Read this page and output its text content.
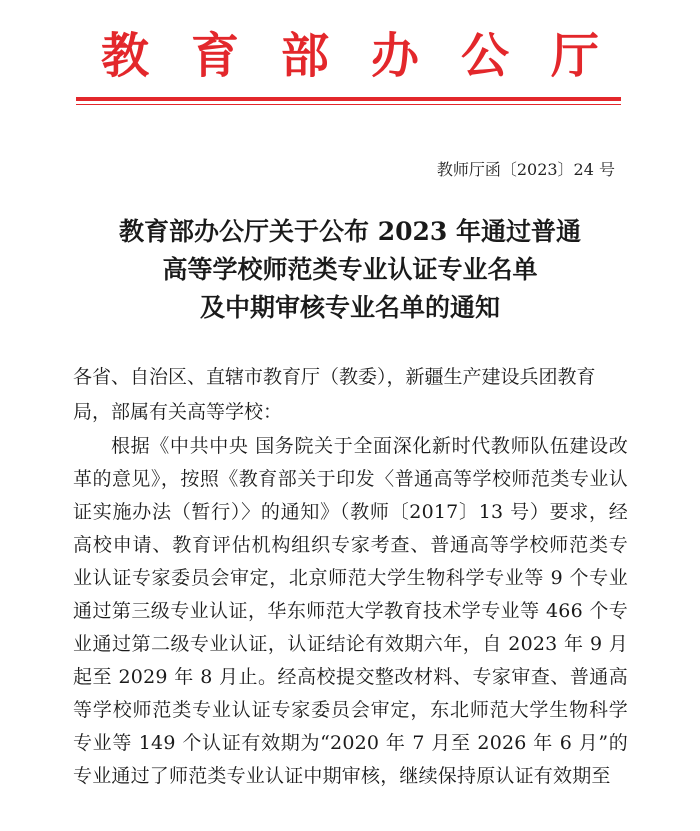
教育部办公厅
教师厅函〔2023〕24 号
教育部办公厅关于公布 2023 年通过普通
高等学校师范类专业认证专业名单
及中期审核专业名单的通知
各省、自治区、直辖市教育厅（教委），新疆生产建设兵团教育局，部属有关高等学校：
根据《中共中央 国务院关于全面深化新时代教师队伍建设改革的意见》，按照《教育部关于印发〈普通高等学校师范类专业认证实施办法（暂行）〉的通知》（教师〔2017〕13 号）要求，经高校申请、教育评估机构组织专家考查、普通高等学校师范类专业认证专家委员会审定，北京师范大学生物科学专业等 9 个专业通过第三级专业认证，华东师范大学教育技术学专业等 466 个专业通过第二级专业认证，认证结论有效期六年，自 2023 年 9 月起至 2029 年 8 月止。经高校提交整改材料、专家审查、普通高等学校师范类专业认证专家委员会审定，东北师范大学生物科学专业等 149 个认证有效期为“2020 年 7 月至 2026 年 6 月”的专业通过了师范类专业认证中期审核，继续保持原认证有效期至
